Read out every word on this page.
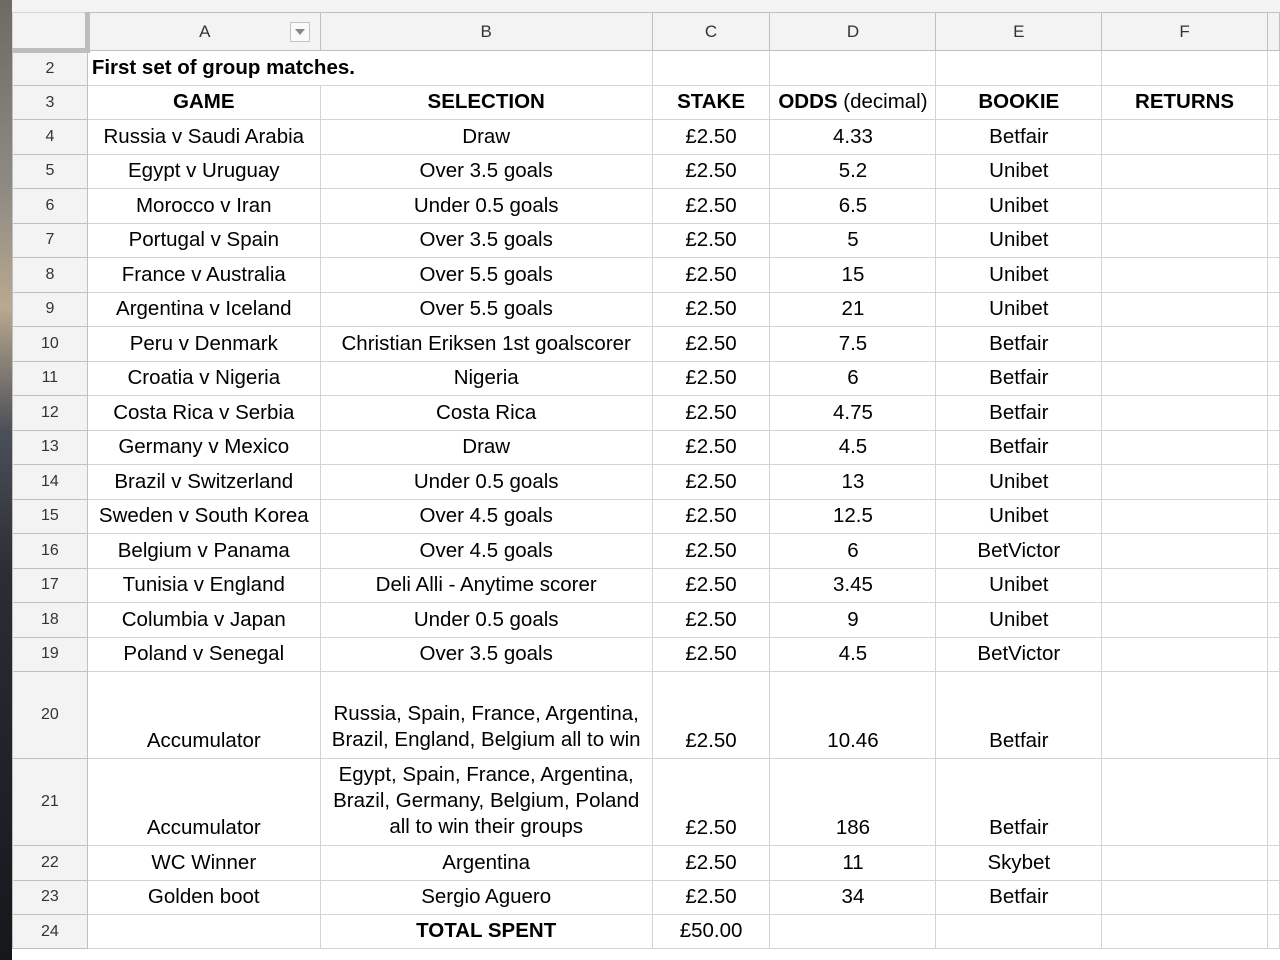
	A	B	C	D	E	F	
2	First set of group matches.						
3	GAME	SELECTION	STAKE	ODDS (decimal)	BOOKIE	RETURNS	
4	Russia v Saudi Arabia	Draw	£2.50	4.33	Betfair		
5	Egypt v Uruguay	Over 3.5 goals	£2.50	5.2	Unibet		
6	Morocco v Iran	Under 0.5 goals	£2.50	6.5	Unibet		
7	Portugal v Spain	Over 3.5 goals	£2.50	5	Unibet		
8	France v Australia	Over 5.5 goals	£2.50	15	Unibet		
9	Argentina v Iceland	Over 5.5 goals	£2.50	21	Unibet		
10	Peru v Denmark	Christian Eriksen 1st goalscorer	£2.50	7.5	Betfair		
11	Croatia v Nigeria	Nigeria	£2.50	6	Betfair		
12	Costa Rica v Serbia	Costa Rica	£2.50	4.75	Betfair		
13	Germany v Mexico	Draw	£2.50	4.5	Betfair		
14	Brazil v Switzerland	Under 0.5 goals	£2.50	13	Unibet		
15	Sweden v South Korea	Over 4.5 goals	£2.50	12.5	Unibet		
16	Belgium v Panama	Over 4.5 goals	£2.50	6	BetVictor		
17	Tunisia v England	Deli Alli - Anytime scorer	£2.50	3.45	Unibet		
18	Columbia v Japan	Under 0.5 goals	£2.50	9	Unibet		
19	Poland v Senegal	Over 3.5 goals	£2.50	4.5	BetVictor		
20	Accumulator	Russia, Spain, France, Argentina, Brazil, England, Belgium all to win	£2.50	10.46	Betfair		
21	Accumulator	Egypt, Spain, France, Argentina, Brazil, Germany, Belgium, Poland all to win their groups	£2.50	186	Betfair		
22	WC Winner	Argentina	£2.50	11	Skybet		
23	Golden boot	Sergio Aguero	£2.50	34	Betfair		
24		TOTAL SPENT	£50.00				
